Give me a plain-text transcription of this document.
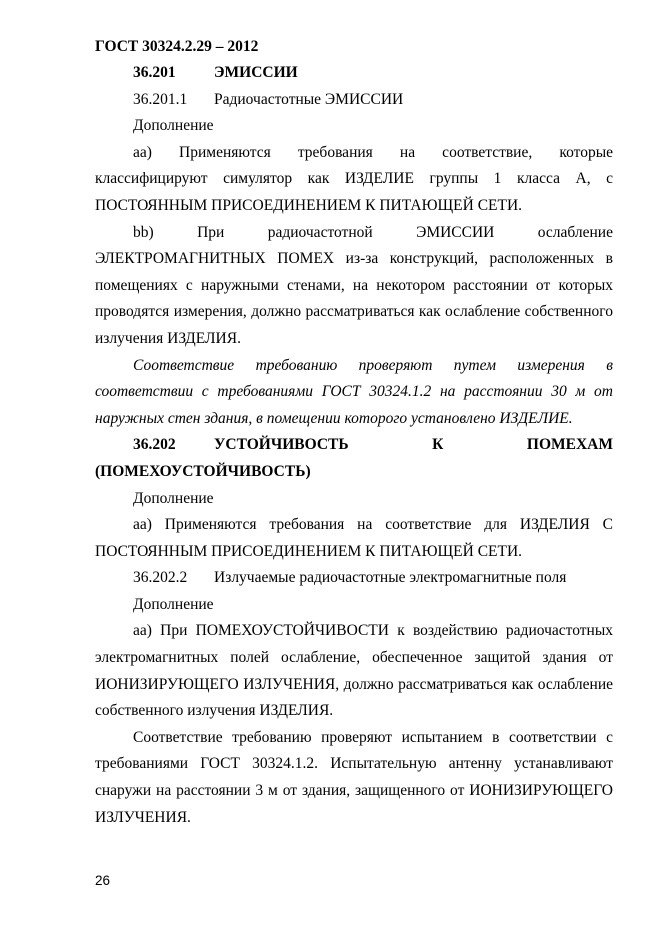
ГОСТ 30324.2.29 – 2012

36.201 ЭМИССИИ

36.201.1 Радиочастотные ЭМИССИИ

Дополнение

аа) Применяются требования на соответствие, которые классифицируют симулятор как ИЗДЕЛИЕ группы 1 класса А, с ПОСТОЯННЫМ ПРИСОЕДИНЕНИЕМ К ПИТАЮЩЕЙ СЕТИ.

bb) При радиочастотной ЭМИССИИ ослабление ЭЛЕКТРОМАГНИТНЫХ ПОМЕХ из-за конструкций, расположенных в помещениях с наружными стенами, на некотором расстоянии от которых проводятся измерения, должно рассматриваться как ослабление собственного излучения ИЗДЕЛИЯ.

Соответствие требованию проверяют путем измерения в соответствии с требованиями ГОСТ 30324.1.2 на расстоянии 30 м от наружных стен здания, в помещении которого установлено ИЗДЕЛИЕ.

36.202 УСТОЙЧИВОСТЬ К ПОМЕХАМ (ПОМЕХОУСТОЙЧИВОСТЬ)

Дополнение

аа) Применяются требования на соответствие для ИЗДЕЛИЯ С ПОСТОЯННЫМ ПРИСОЕДИНЕНИЕМ К ПИТАЮЩЕЙ СЕТИ.

36.202.2 Излучаемые радиочастотные электромагнитные поля

Дополнение

аа) При ПОМЕХОУСТОЙЧИВОСТИ к воздействию радиочастотных электромагнитных полей ослабление, обеспеченное защитой здания от ИОНИЗИРУЮЩЕГО ИЗЛУЧЕНИЯ, должно рассматриваться как ослабление собственного излучения ИЗДЕЛИЯ.

Соответствие требованию проверяют испытанием в соответствии с требованиями ГОСТ 30324.1.2. Испытательную антенну устанавливают снаружи на расстоянии 3 м от здания, защищенного от ИОНИЗИРУЮЩЕГО ИЗЛУЧЕНИЯ.

26
